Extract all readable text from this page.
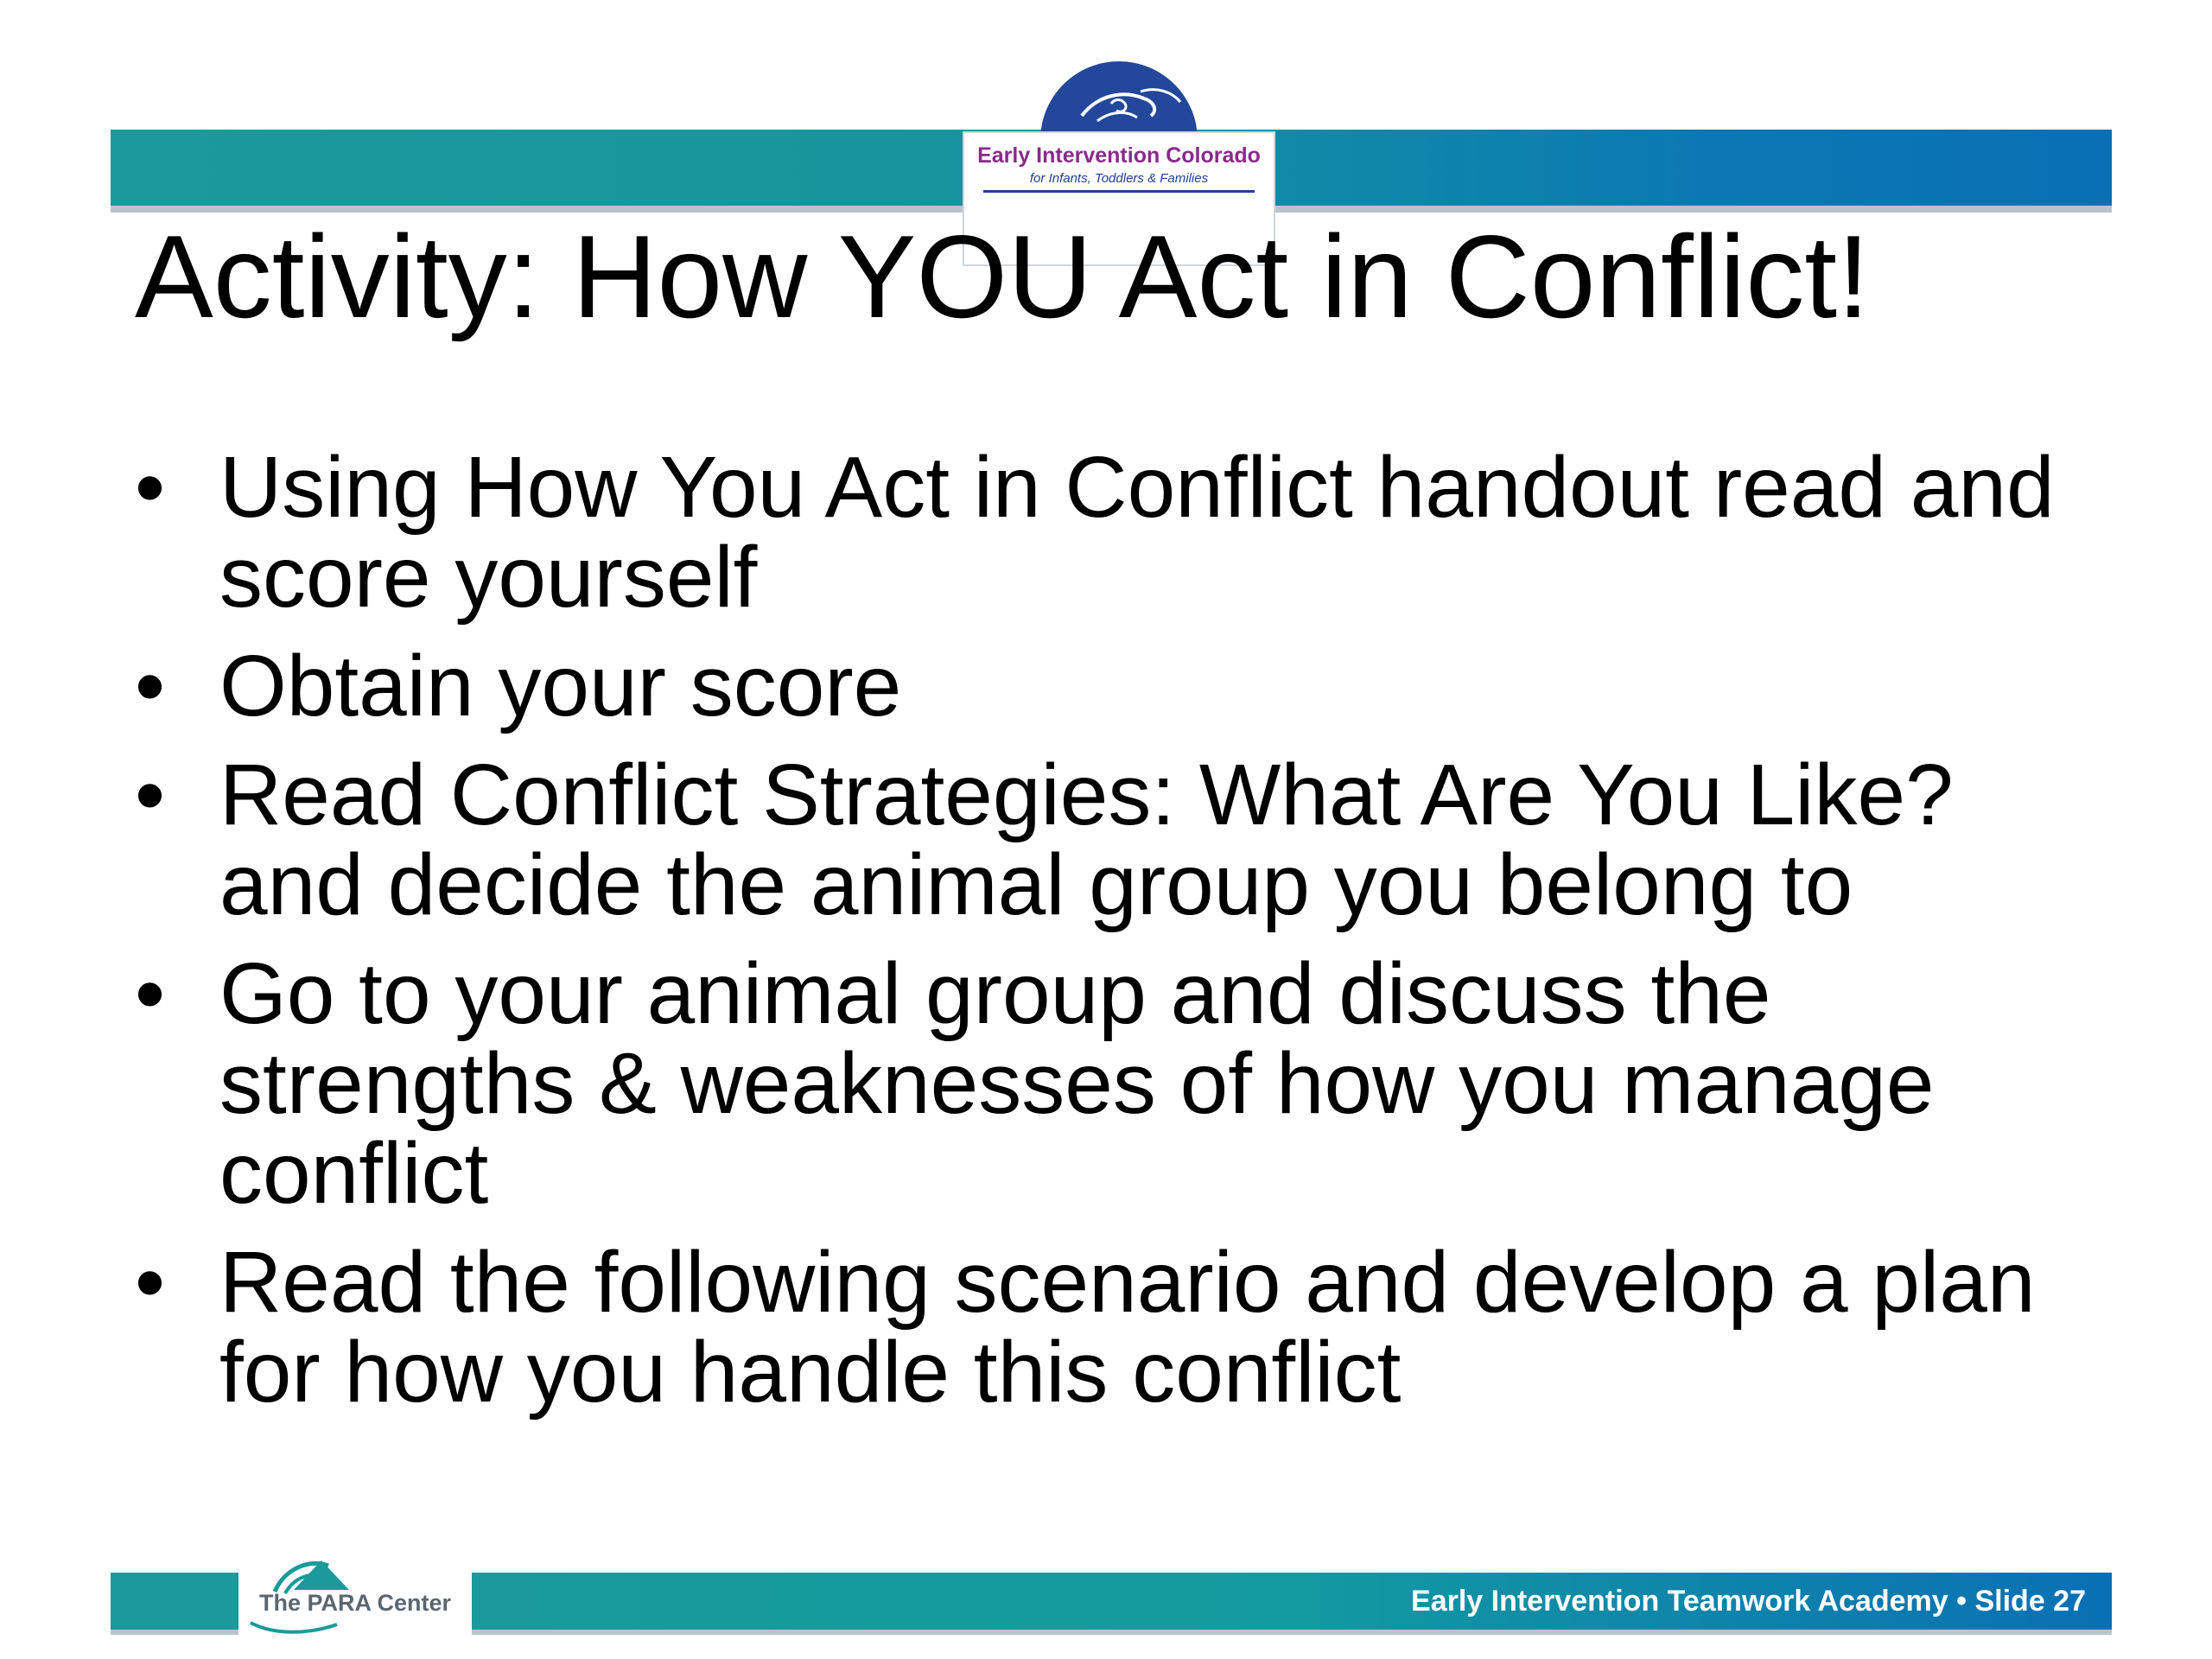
Early Intervention Colorado
for Infants, Toddlers & Families
Activity: How YOU Act in Conflict!
• Using How You Act in Conflict handout read and score yourself
• Obtain your score
• Read Conflict Strategies: What Are You Like? and decide the animal group you belong to
• Go to your animal group and discuss the strengths & weaknesses of how you manage conflict
• Read the following scenario and develop a plan for how you handle this conflict
The PARA Center	Early Intervention Teamwork Academy • Slide 27
